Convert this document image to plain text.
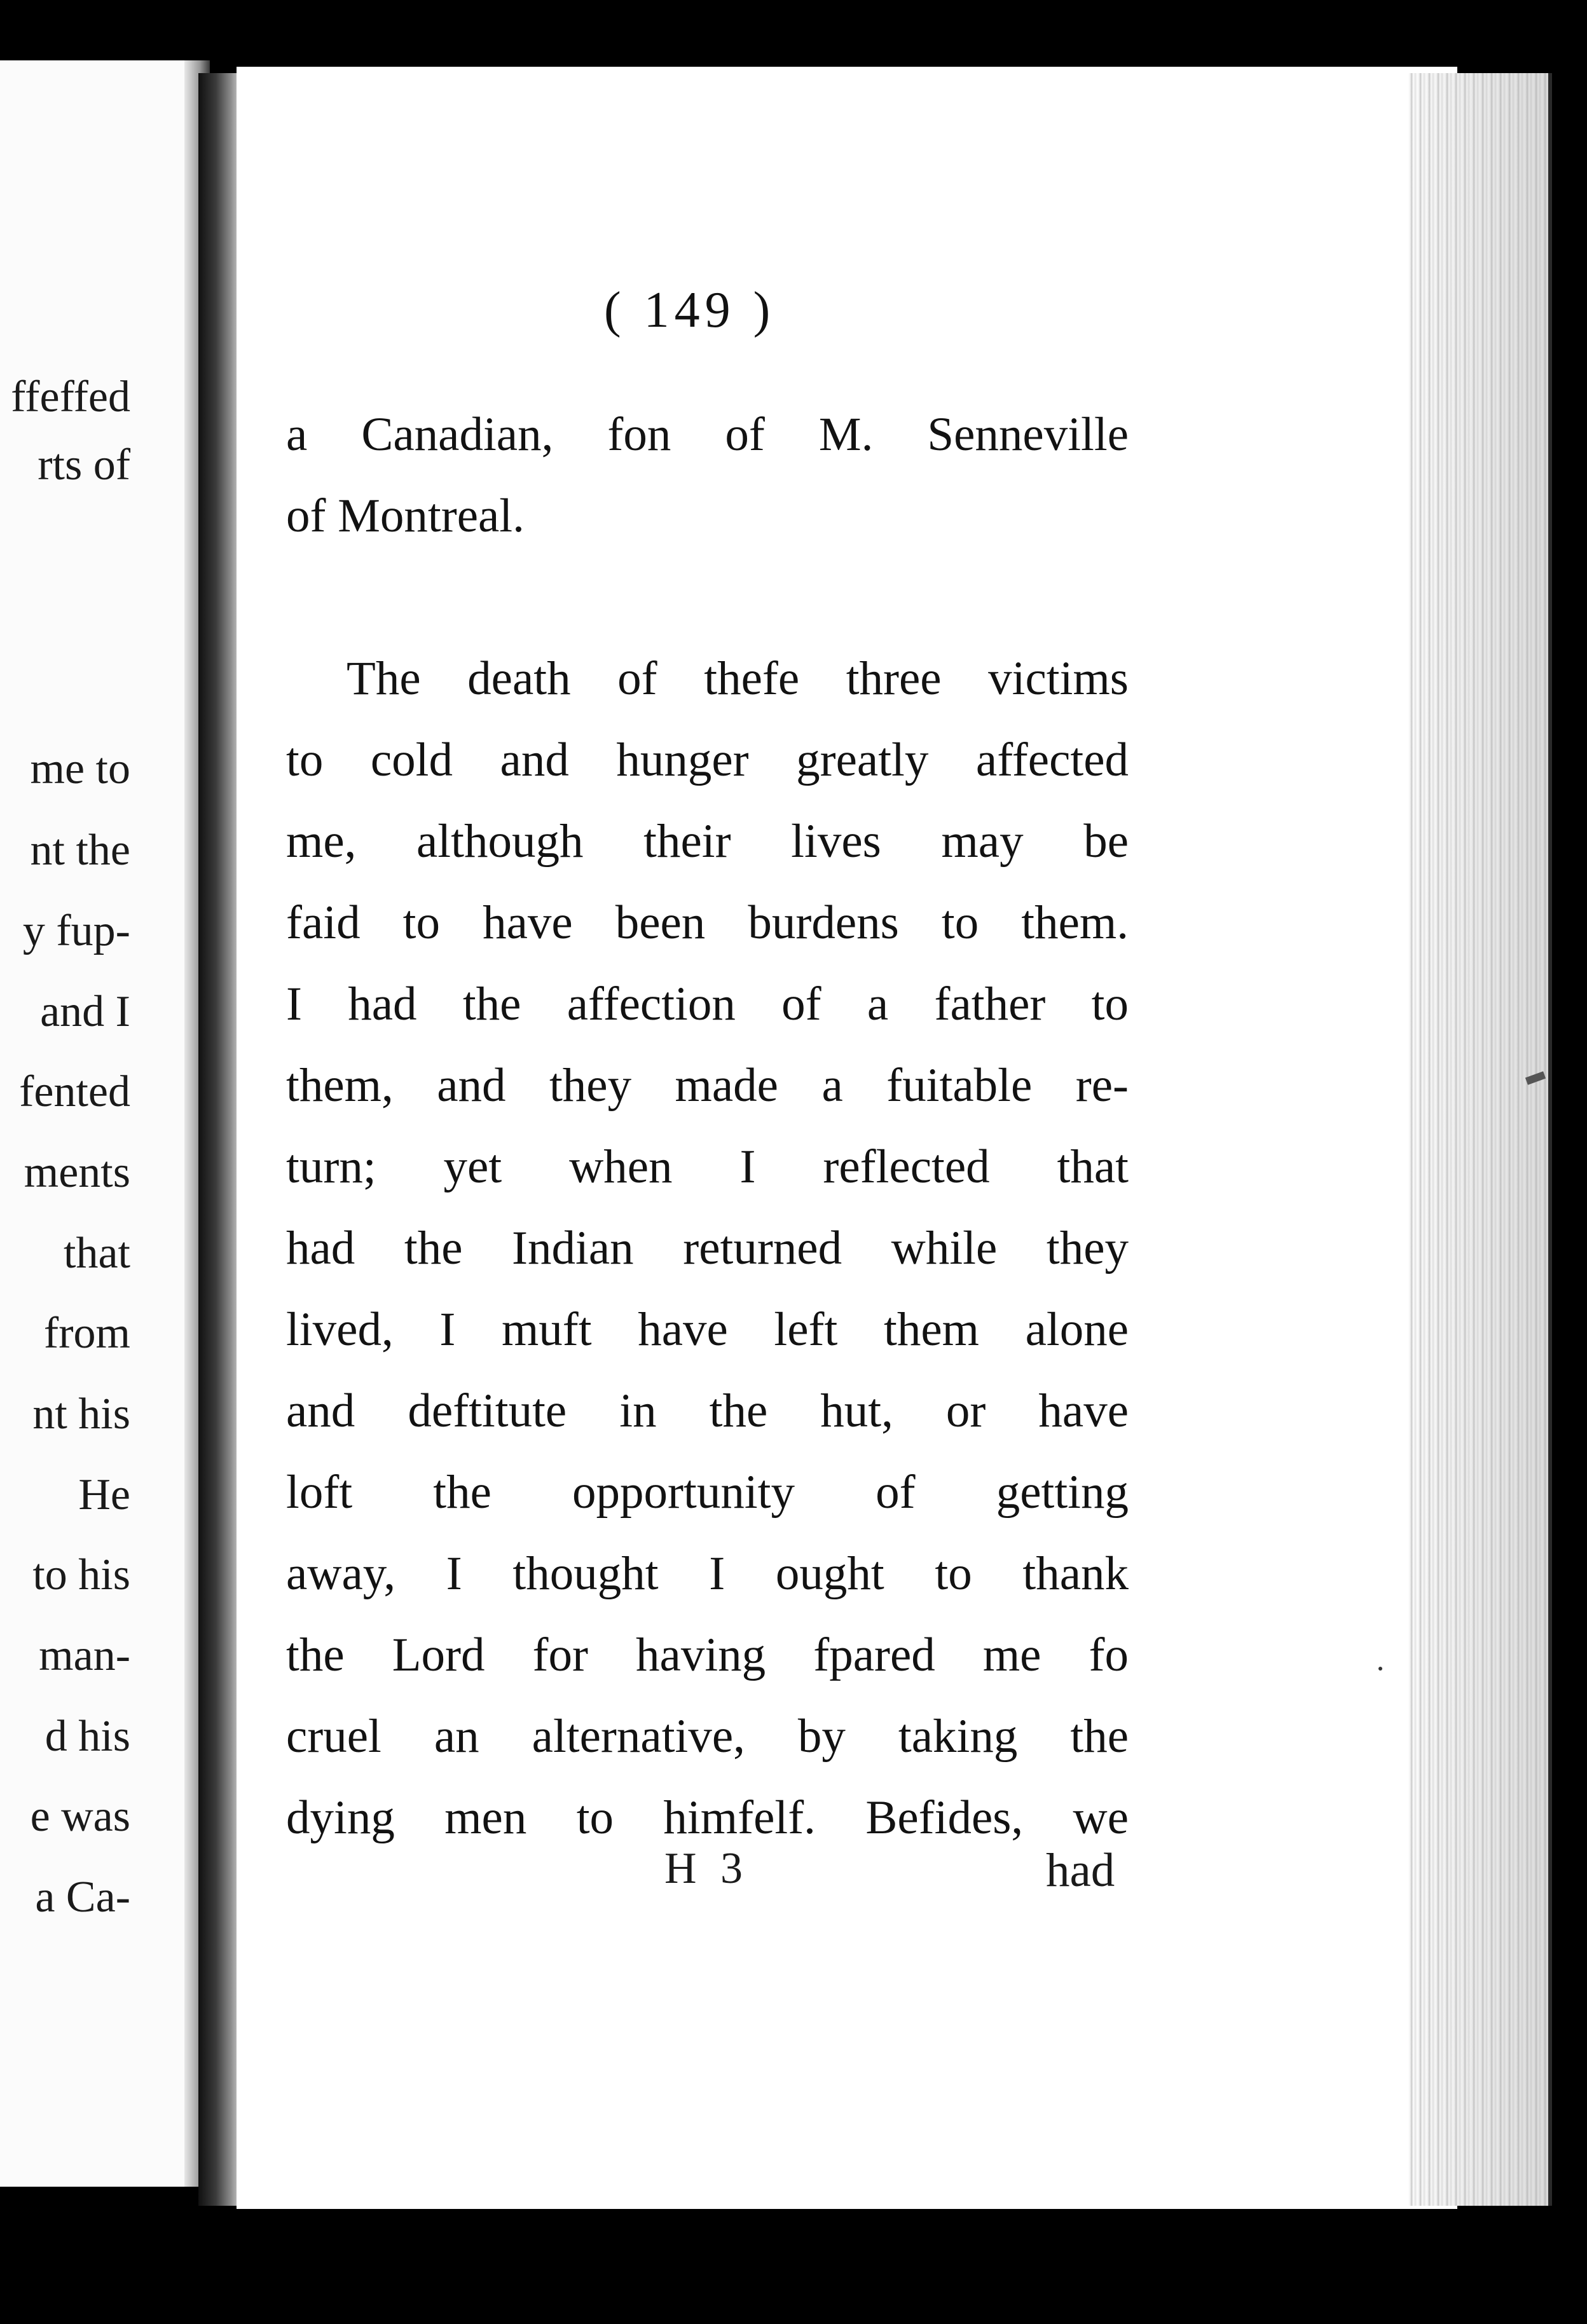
ffeffed

rts of

me to

nt the

y fup-

and I

fented

ments

that

from

nt his

He

to his

man-

d his

e was

a Ca-

( 149 )

a Canadian, fon of M. Senneville
of Montreal.
The death of thefe three victims
to cold and hunger greatly affected
me, although their lives may be
faid to have been burdens to them.
I had the affection of a father to
them, and they made a fuitable re-
turn; yet when I reflected that
had the Indian returned while they
lived, I muft have left them alone
and deftitute in the hut, or have
loft the opportunity of getting
away, I thought I ought to thank
the Lord for having fpared me fo
cruel an alternative, by taking the
dying men to himfelf. Befides, we

H 3	had
